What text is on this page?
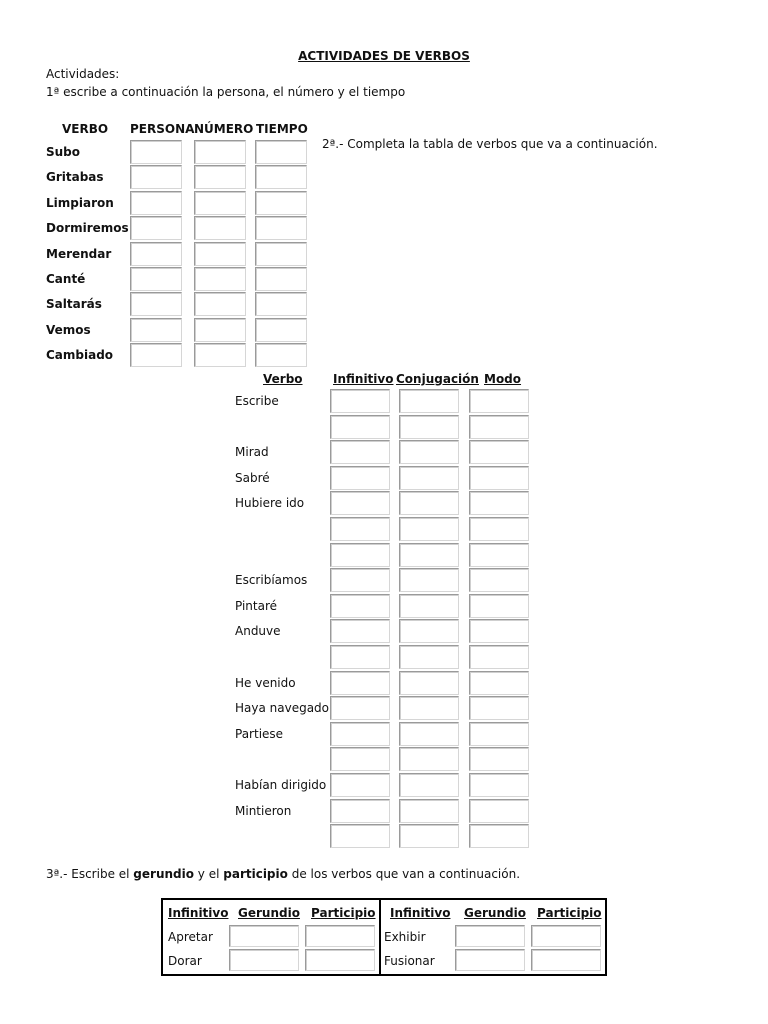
ACTIVIDADES DE VERBOS
Actividades:
1ª escribe a continuación la persona, el número y el tiempo
VERBO PERSONA NÚMERO TIEMPO
Subo
Gritabas
Limpiaron
Dormiremos
Merendar
Canté
Saltarás
Vemos
Cambiado
2ª.- Completa la tabla de verbos que va a continuación.
Verbo	Infinitivo Conjugación Modo
Escribe
Mirad
Sabré
Hubiere ido
Escribíamos
Pintaré
Anduve
He venido
Haya navegado
Partiese
Habían dirigido
Mintieron
3ª.- Escribe el gerundio y el participio de los verbos que van a continuación.
Infinitivo Gerundio Participio Infinitivo Gerundio Participio
Apretar
Dorar
Exhibir
Fusionar
